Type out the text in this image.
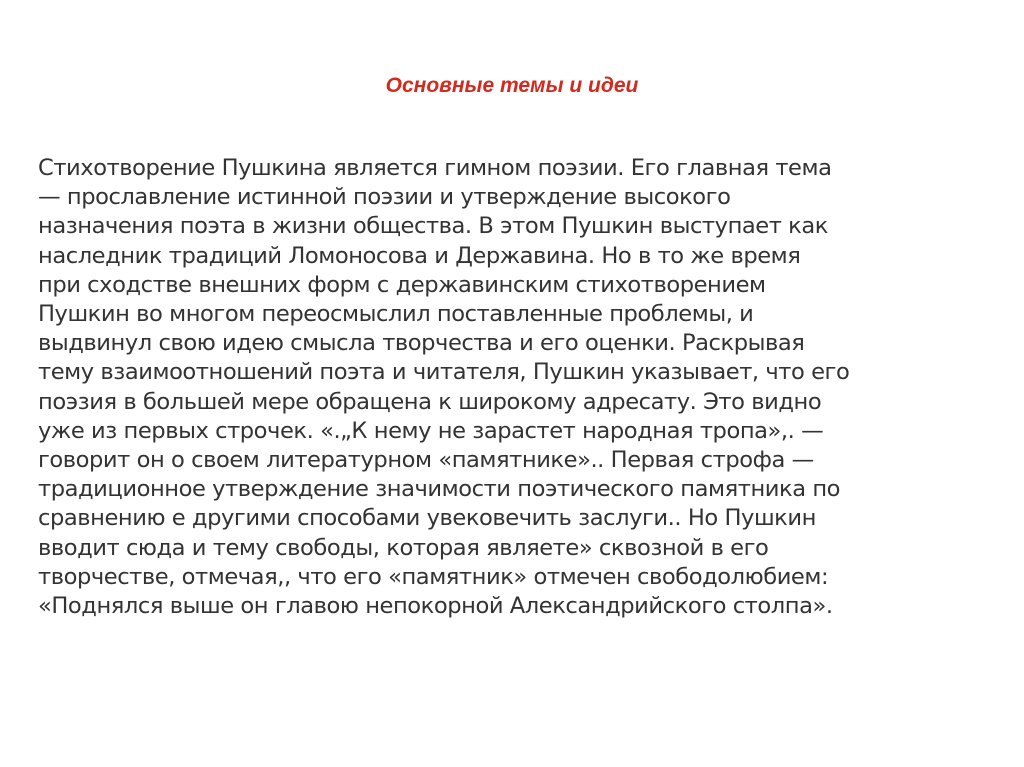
Основные темы и идеи

Стихотворение Пушкина является гимном поэзии. Его главная тема
— прославление истинной поэзии и утверждение высокого
назначения поэта в жизни общества. В этом Пушкин выступает как
наследник традиций Ломоносова и Державина. Но в то же время
при сходстве внешних форм с державинским стихотворением
Пушкин во многом переосмыслил поставленные проблемы, и
выдвинул свою идею смысла творчества и его оценки. Раскрывая
тему взаимоотношений поэта и читателя, Пушкин указывает, что его
поэзия в большей мере обращена к широкому адресату. Это видно
уже из первых строчек. «.„К нему не зарастет народная тропа»,. —
говорит он о своем литературном «памятнике».. Первая строфа —
традиционное утверждение значимости поэтического памятника по
сравнению е другими способами увековечить заслуги.. Но Пушкин
вводит сюда и тему свободы, которая являете» сквозной в его
творчестве, отмечая,, что его «памятник» отмечен свободолюбием:
«Поднялся выше он главою непокорной Александрийского столпа».
